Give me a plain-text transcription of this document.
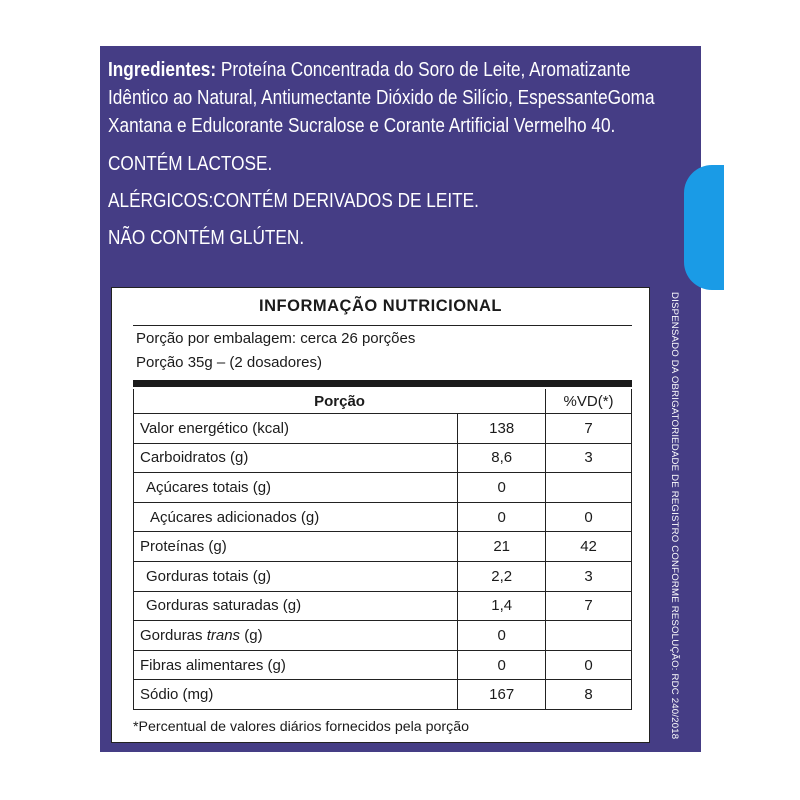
Ingredientes: Proteína Concentrada do Soro de Leite, Aromatizante

Idêntico ao Natural, Antiumectante Dióxido de Silício, EspessanteGoma

Xantana e Edulcorante Sucralose e Corante Artificial Vermelho 40.

CONTÉM LACTOSE.

ALÉRGICOS:CONTÉM DERIVADOS DE LEITE.

NÃO CONTÉM GLÚTEN.

DISPENSADO DA OBRIGATORIEDADE DE REGISTRO CONFORME RESOLUÇÃO: RDC 240/2018
INFORMAÇÃO NUTRICIONAL
Porção por embalagem: cerca 26 porções
Porção 35g – (2 dosadores)
Porção		%VD(*)
Valor energético (kcal)	138	7
Carboidratos (g)	8,6	3
Açúcares totais (g)	0	
Açúcares adicionados (g)	0	0
Proteínas (g)	21	42
Gorduras totais (g)	2,2	3
Gorduras saturadas (g)	1,4	7
Gorduras trans (g)	0	
Fibras alimentares (g)	0	0
Sódio (mg)	167	8
*Percentual de valores diários fornecidos pela porção
